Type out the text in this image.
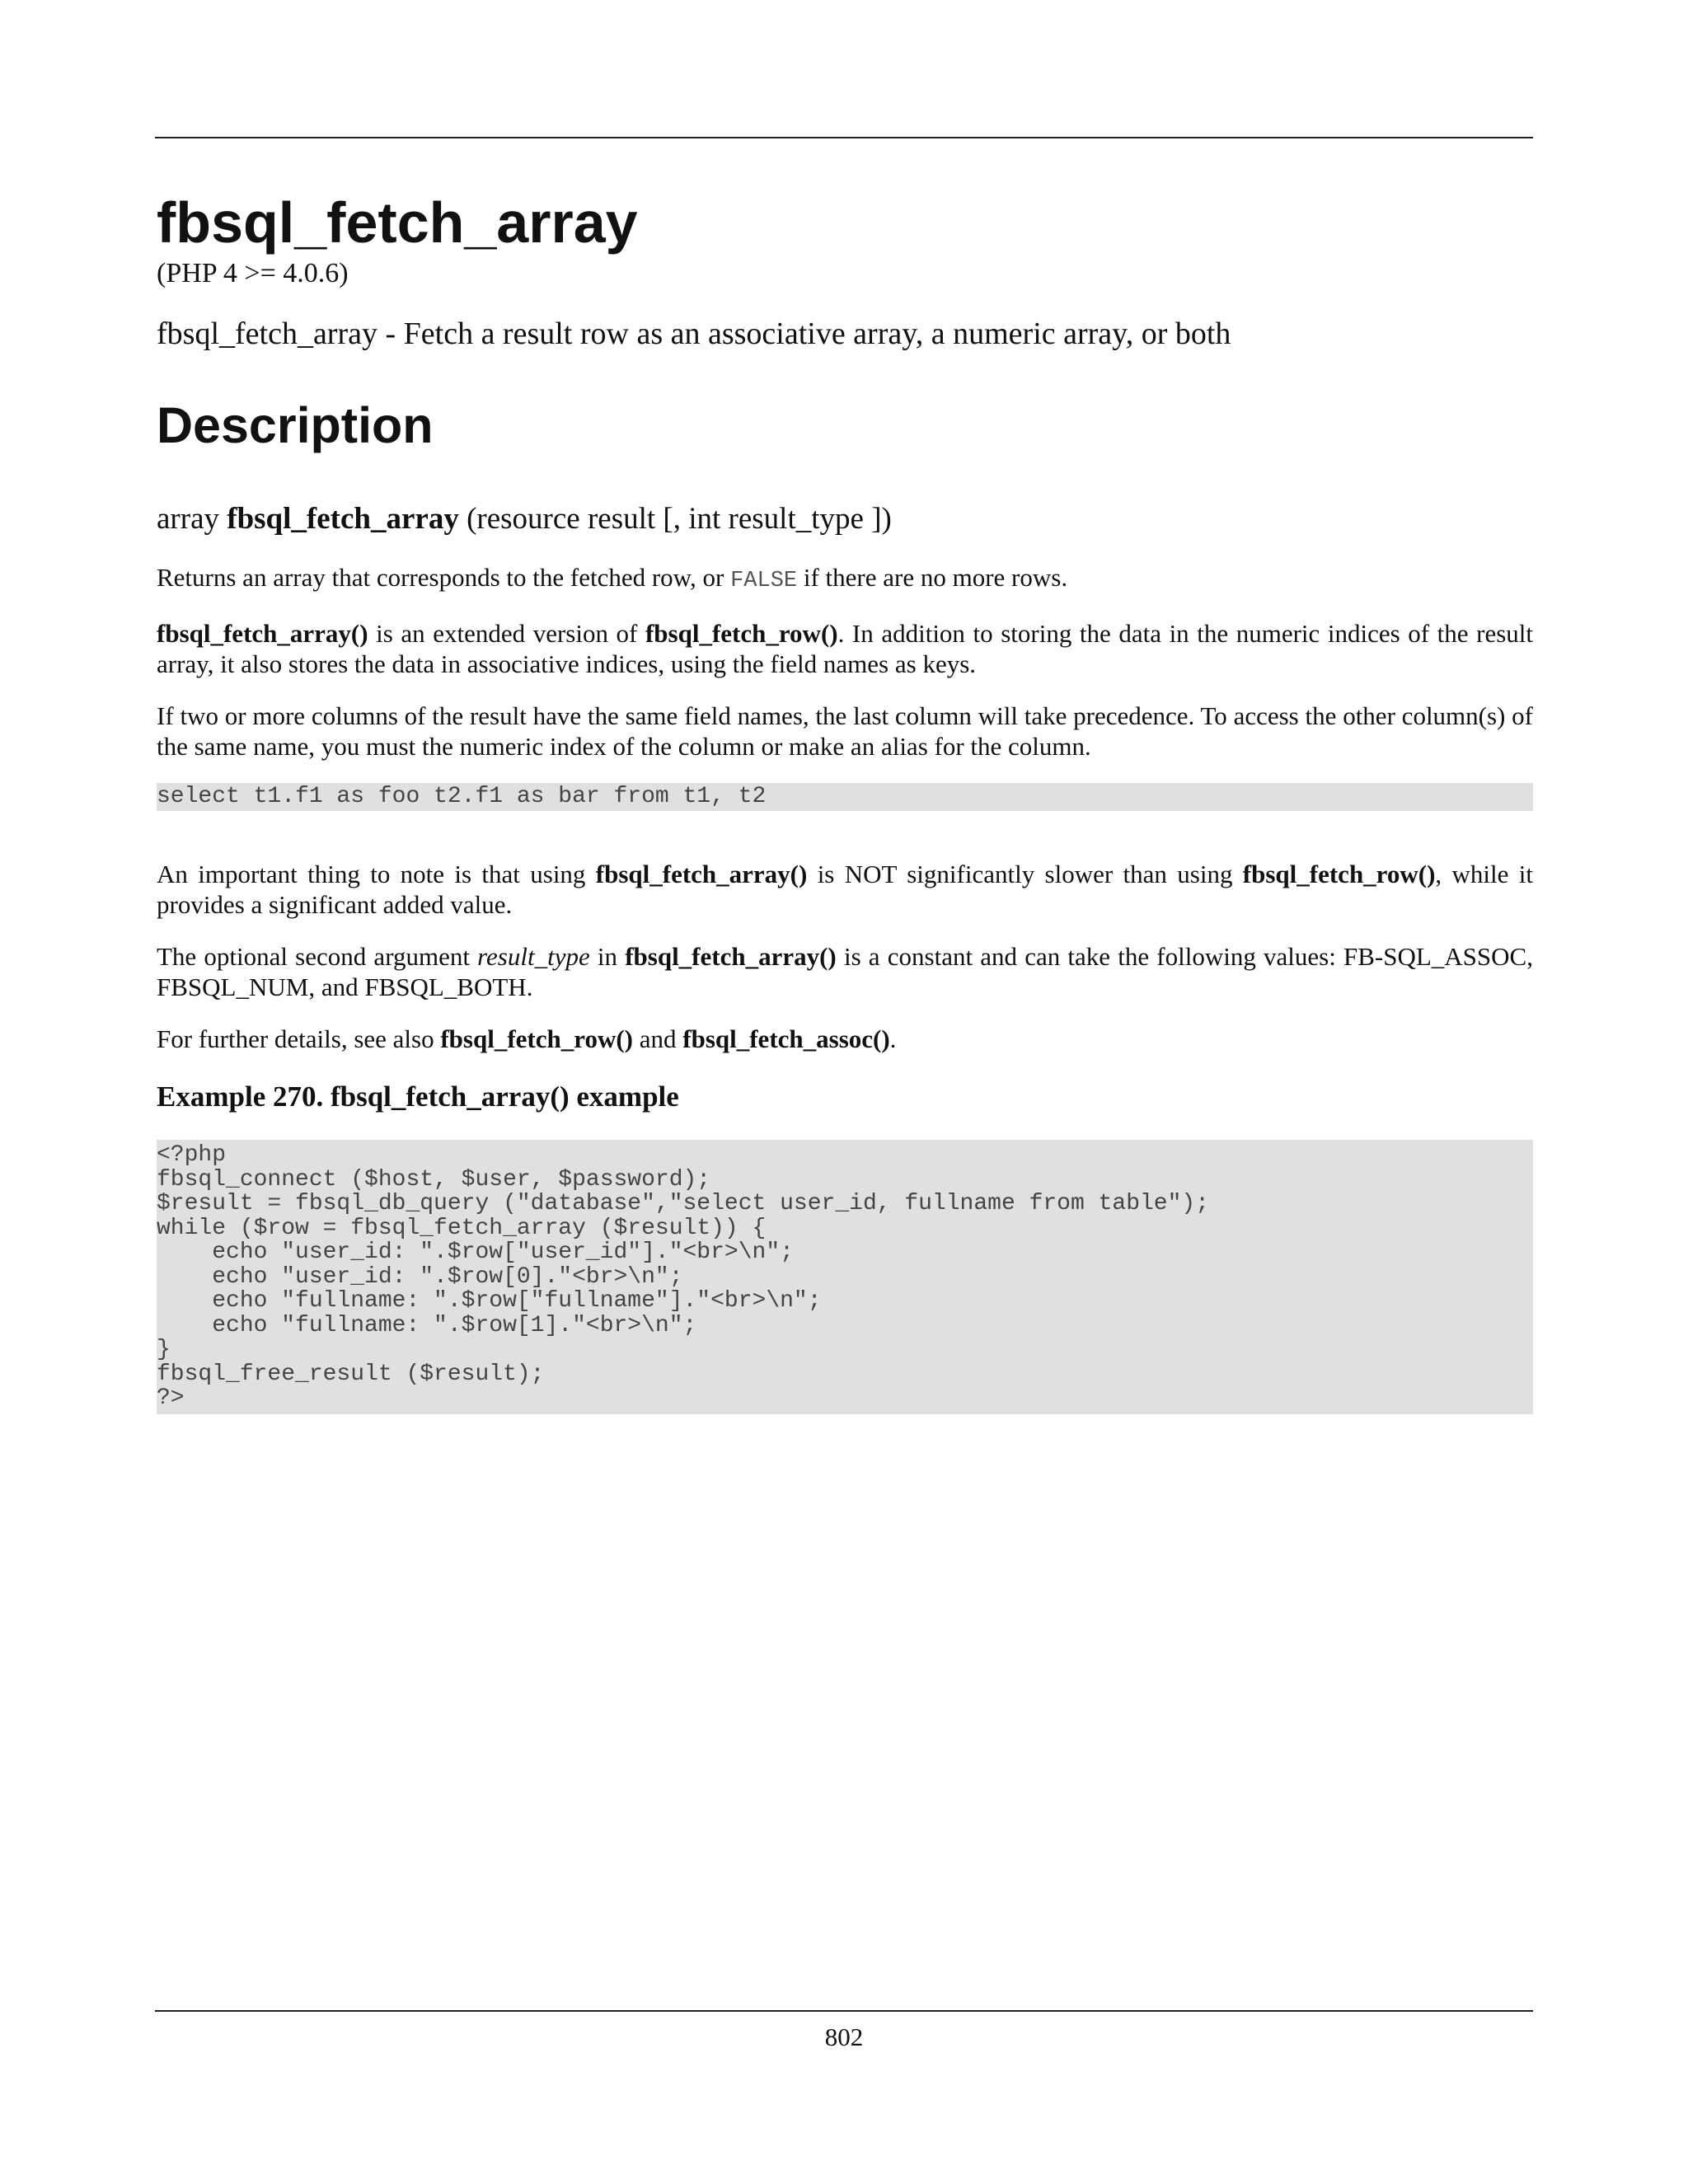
fbsql_fetch_array
(PHP 4 >= 4.0.6)
fbsql_fetch_array - Fetch a result row as an associative array, a numeric array, or both
Description
array fbsql_fetch_array (resource result [, int result_type ])

Returns an array that corresponds to the fetched row, or FALSE if there are no more rows.

fbsql_fetch_array() is an extended version of fbsql_fetch_row(). In addition to storing the data in the numeric indices of the result array, it also stores the data in associative indices, using the field names as keys.

If two or more columns of the result have the same field names, the last column will take precedence. To access the other column(s) of the same name, you must the numeric index of the column or make an alias for the column.

select t1.f1 as foo t2.f1 as bar from t1, t2

An important thing to note is that using fbsql_fetch_array() is NOT significantly slower than using fbsql_fetch_row(), while it provides a significant added value.

The optional second argument result_type in fbsql_fetch_array() is a constant and can take the following values: FB-SQL_ASSOC, FBSQL_NUM, and FBSQL_BOTH.

For further details, see also fbsql_fetch_row() and fbsql_fetch_assoc().

Example 270. fbsql_fetch_array() example
<?php
fbsql_connect ($host, $user, $password);
$result = fbsql_db_query ("database","select user_id, fullname from table");
while ($row = fbsql_fetch_array ($result)) {
echo "user_id: ".$row["user_id"]."<br>\n";
echo "user_id: ".$row[0]."<br>\n";
echo "fullname: ".$row["fullname"]."<br>\n";
echo "fullname: ".$row[1]."<br>\n";
}
fbsql_free_result ($result);
?>
802
